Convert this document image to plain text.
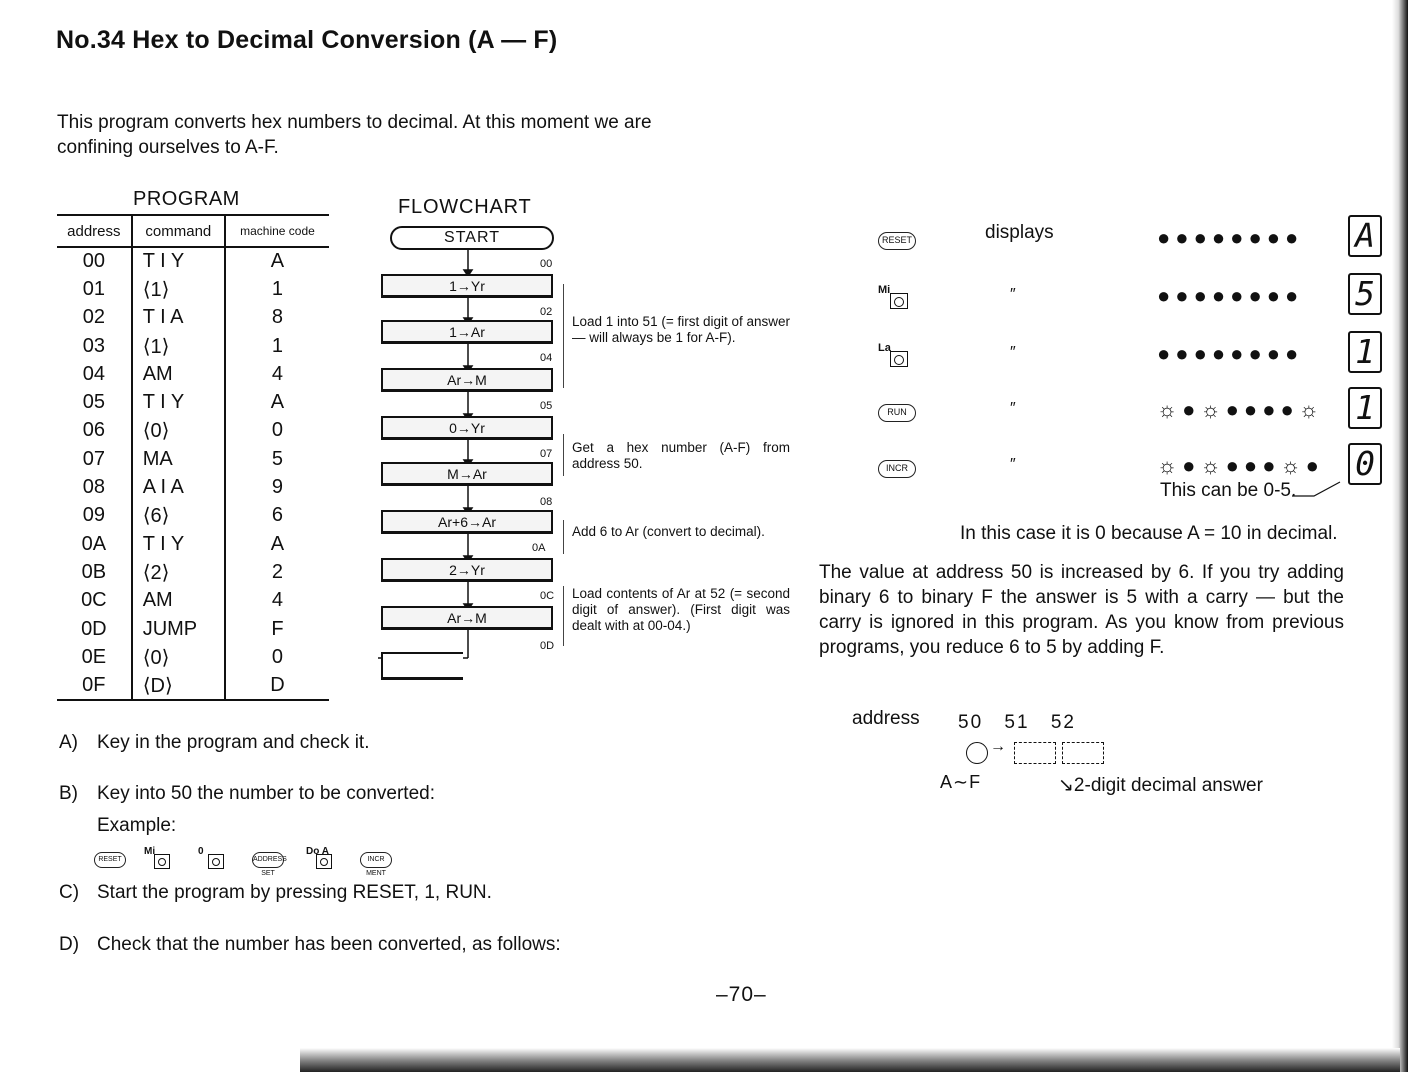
No.34 Hex to Decimal Conversion (A — F)
This program converts hex numbers to decimal. At this moment we are confining ourselves to A-F.
PROGRAM
address	command	machine code
00	T I Y	A
01	⟨1⟩	1
02	T I A	8
03	⟨1⟩	1
04	AM	4
05	T I Y	A
06	⟨0⟩	0
07	MA	5
08	A I A	9
09	⟨6⟩	6
0A	T I Y	A
0B	⟨2⟩	2
0C	AM	4
0D	JUMP	F
0E	⟨0⟩	0
0F	⟨D⟩	D
FLOWCHART
START
1→Yr
1→Ar
Ar→M
0→Yr
M→Ar
Ar+6→Ar
2→Yr
Ar→M
00
02
04
05
07
08
0A
0C
0D
Load 1 into 51 (= first digit of answer — will always be 1 for A-F).
Get a hex number (A-F) from address 50.
Add 6 to Ar (convert to decimal).
Load contents of Ar at 52 (= second digit of answer). (First digit was dealt with at 00-04.)
RESET	displays	●●●●●●●● A
Mi	″	●●●●●●●● 5
La	″	●●●●●●●● 1
RUN	″	☼●☼●●●●☼ 1
INCR	″	☼●☼●●●☼● 0
This can be 0-5.
In this case it is 0 because A = 10 in decimal.
The value at address 50 is increased by 6. If you try adding binary 6 to binary F the answer is 5 with a carry — but the carry is ignored in this program. As you know from previous programs, you reduce 6 to 5 by adding F.
address 50 51 52
→
A∼F	↘2-digit decimal answer
A) Key in the program and check it.
B) Key into 50 the number to be converted:
Example:
RESET
Mi	0
ADDRESS SET
Do A
INCR MENT
C) Start the program by pressing RESET, 1, RUN.
D) Check that the number has been converted, as follows:
–70–
